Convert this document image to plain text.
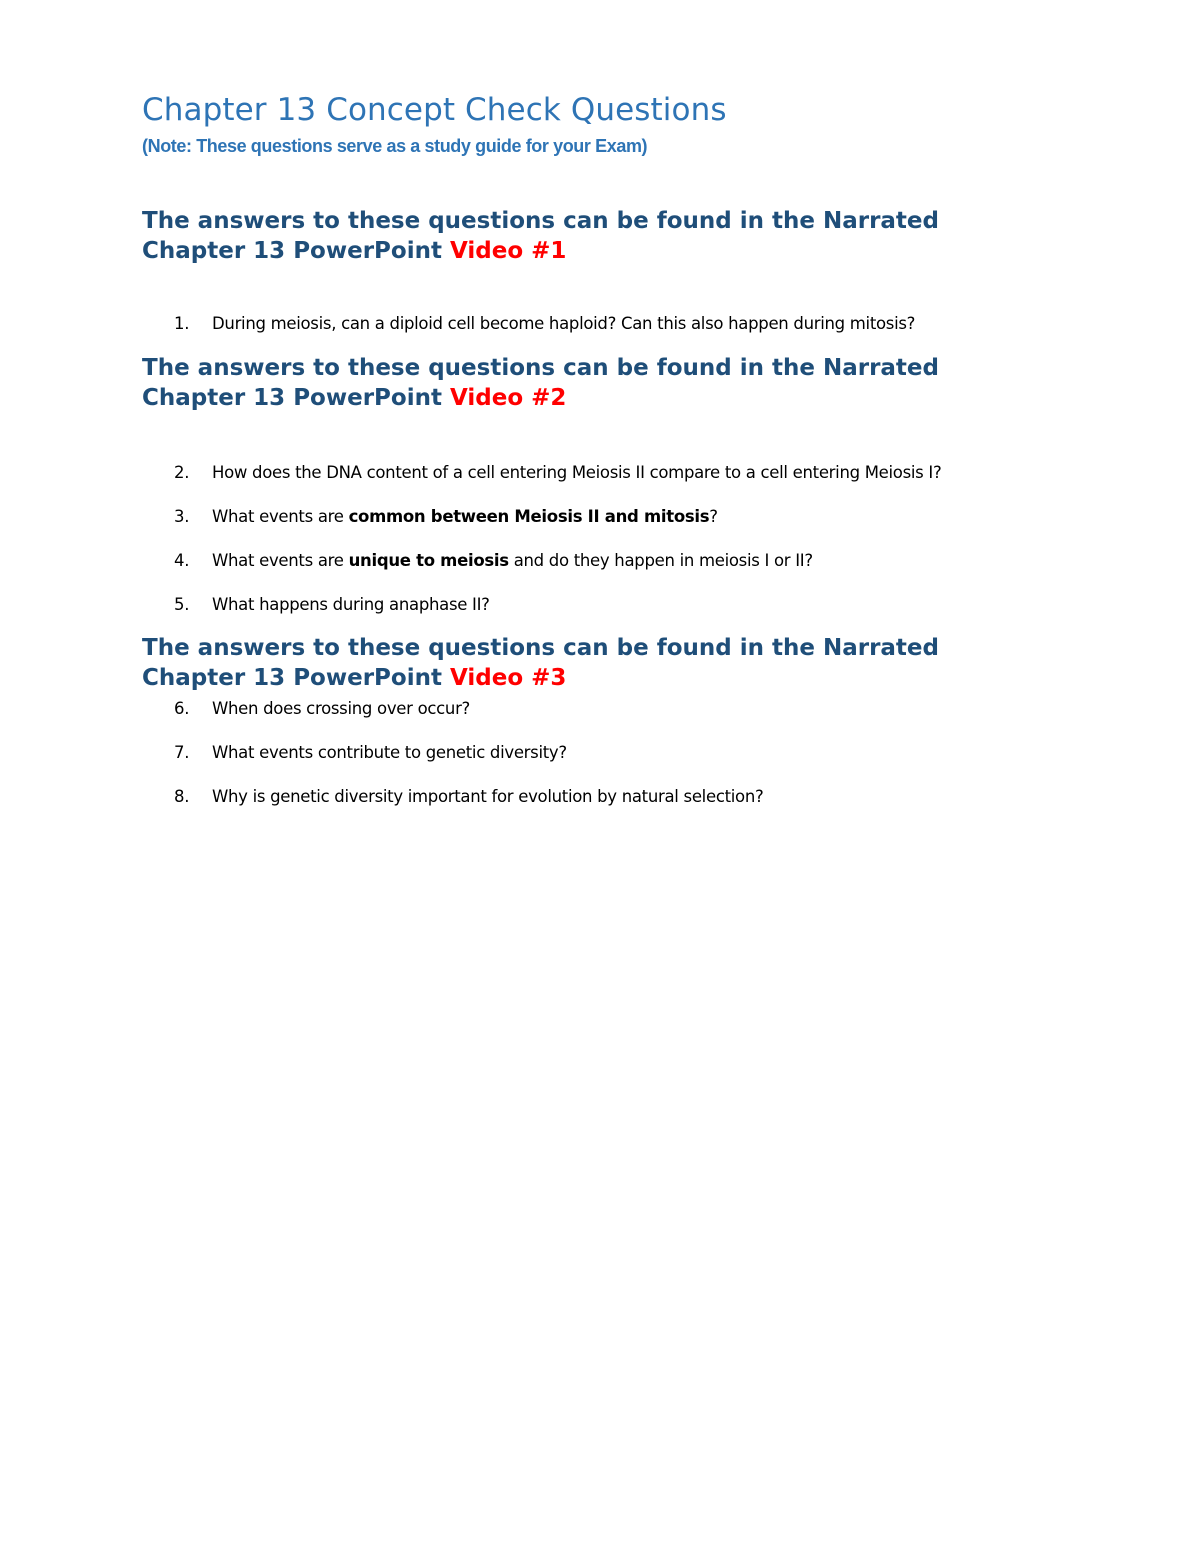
Chapter 13 Concept Check Questions
(Note: These questions serve as a study guide for your Exam)
The answers to these questions can be found in the Narrated
Chapter 13 PowerPoint Video #1
1. During meiosis, can a diploid cell become haploid? Can this also happen during mitosis?
The answers to these questions can be found in the Narrated
Chapter 13 PowerPoint Video #2
2. How does the DNA content of a cell entering Meiosis II compare to a cell entering Meiosis I?
3. What events are common between Meiosis II and mitosis?
4. What events are unique to meiosis and do they happen in meiosis I or II?
5. What happens during anaphase II?
The answers to these questions can be found in the Narrated
Chapter 13 PowerPoint Video #3
6. When does crossing over occur?
7. What events contribute to genetic diversity?
8. Why is genetic diversity important for evolution by natural selection?
